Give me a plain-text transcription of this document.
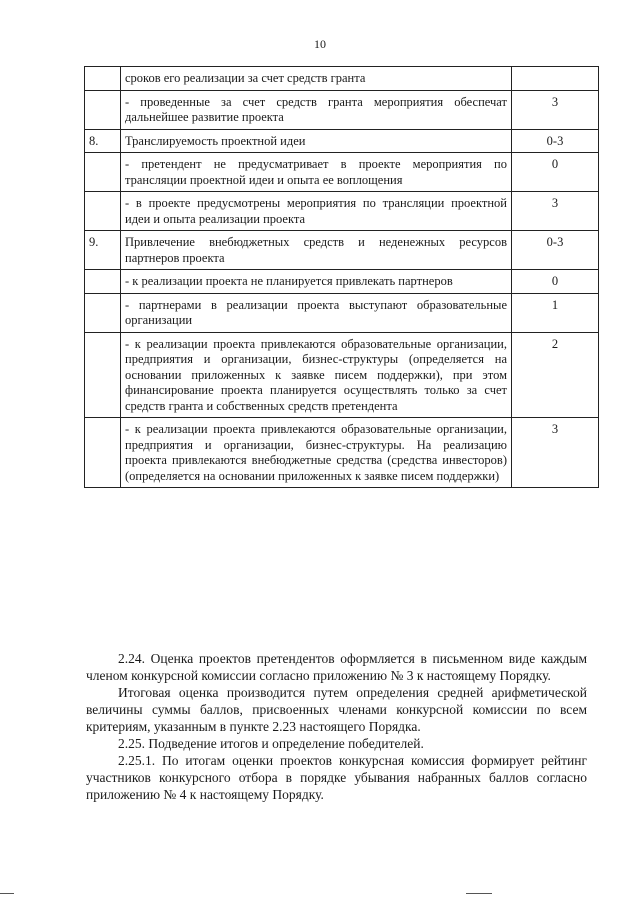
10
	сроков его реализации за счет средств гранта	
	- проведенные за счет средств гранта мероприятия обеспечат дальнейшее развитие проекта	3
8.	Транслируемость проектной идеи	0-3
	- претендент не предусматривает в проекте мероприятия по трансляции проектной идеи и опыта ее воплощения	0
	- в проекте предусмотрены мероприятия по трансляции проектной идеи и опыта реализации проекта	3
9.	Привлечение внебюджетных средств и неденежных ресурсов партнеров проекта	0-3
	- к реализации проекта не планируется привлекать партнеров	0
	- партнерами в реализации проекта выступают образовательные организации	1
	- к реализации проекта привлекаются образовательные организации, предприятия и организации, бизнес-структуры (определяется на основании приложенных к заявке писем поддержки), при этом финансирование проекта планируется осуществлять только за счет средств гранта и собственных средств претендента	2
	- к реализации проекта привлекаются образовательные организации, предприятия и организации, бизнес-структуры. На реализацию проекта привлекаются внебюджетные средства (средства инвесторов) (определяется на основании приложенных к заявке писем поддержки)	3

2.24. Оценка проектов претендентов оформляется в письменном виде каждым членом конкурсной комиссии согласно приложению № 3 к настоящему Порядку.

Итоговая оценка производится путем определения средней арифметической величины суммы баллов, присвоенных членами конкурсной комиссии по всем критериям, указанным в пункте 2.23 настоящего Порядка.

2.25. Подведение итогов и определение победителей.

2.25.1. По итогам оценки проектов конкурсная комиссия формирует рейтинг участников конкурсного отбора в порядке убывания набранных баллов согласно приложению № 4 к настоящему Порядку.
